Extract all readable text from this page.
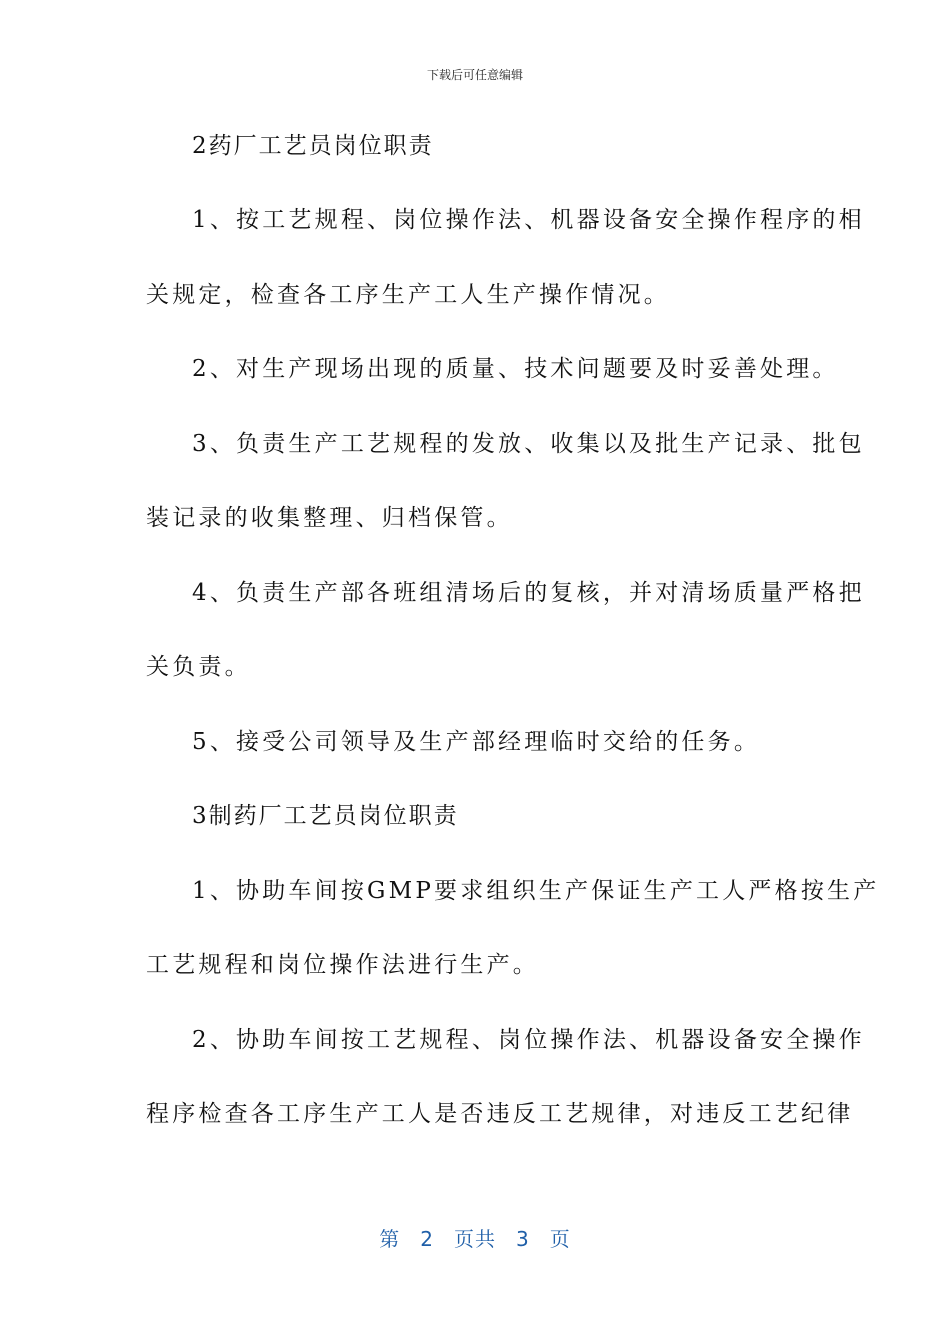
下载后可任意编辑
2药厂工艺员岗位职责
1、按工艺规程、岗位操作法、机器设备安全操作程序的相
关规定，检查各工序生产工人生产操作情况。
2、对生产现场出现的质量、技术问题要及时妥善处理。
3、负责生产工艺规程的发放、收集以及批生产记录、批包
装记录的收集整理、归档保管。
4、负责生产部各班组清场后的复核，并对清场质量严格把
关负责。
5、接受公司领导及生产部经理临时交给的任务。
3制药厂工艺员岗位职责
1、协助车间按GMP要求组织生产保证生产工人严格按生产
工艺规程和岗位操作法进行生产。
2、协助车间按工艺规程、岗位操作法、机器设备安全操作
程序检查各工序生产工人是否违反工艺规律，对违反工艺纪律
第 2 页共 3 页
